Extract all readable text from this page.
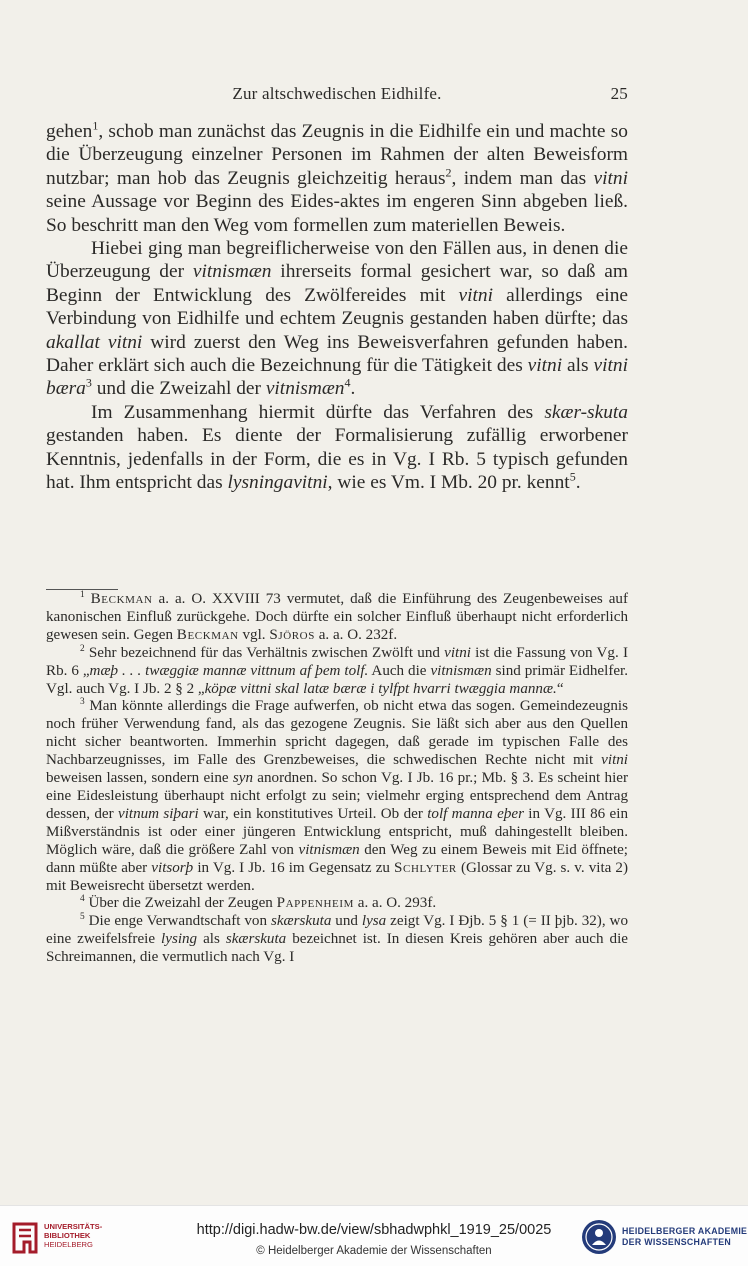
Zur altschwedischen Eidhilfe.	25

gehen$^1$, schob man zunächst das Zeugnis in die Eidhilfe ein und machte so die Überzeugung einzelner Personen im Rahmen der alten Beweisform nutzbar; man hob das Zeugnis gleichzeitig heraus$^2$, indem man das vitni seine Aussage vor Beginn des Eides-aktes im engeren Sinn abgeben ließ. So beschritt man den Weg vom formellen zum materiellen Beweis.

Hiebei ging man begreiflicherweise von den Fällen aus, in denen die Überzeugung der vitnismæn ihrerseits formal gesichert war, so daß am Beginn der Entwicklung des Zwölfereides mit vitni allerdings eine Verbindung von Eidhilfe und echtem Zeugnis gestanden haben dürfte; das akallat vitni wird zuerst den Weg ins Beweisverfahren gefunden haben. Daher erklärt sich auch die Bezeichnung für die Tätigkeit des vitni als vitni bæra$^3$ und die Zweizahl der vitnismæn$^4$.

Im Zusammenhang hiermit dürfte das Verfahren des skær-skuta gestanden haben. Es diente der Formalisierung zufällig erworbener Kenntnis, jedenfalls in der Form, die es in Vg. I Rb. 5 typisch gefunden hat. Ihm entspricht das lysningavitni, wie es Vm. I Mb. 20 pr. kennt$^5$.

$^1$ Beckman a. a. O. XXVIII 73 vermutet, daß die Einführung des Zeugenbeweises auf kanonischen Einfluß zurückgehe. Doch dürfte ein solcher Einfluß überhaupt nicht erforderlich gewesen sein. Gegen Beckman vgl. Sjöros a. a. O. 232f.

$^2$ Sehr bezeichnend für das Verhältnis zwischen Zwölft und vitni ist die Fassung von Vg. I Rb. 6 „mæþ . . . twæggiæ mannæ vittnum af þem tolf. Auch die vitnismæn sind primär Eidhelfer. Vgl. auch Vg. I Jb. 2 § 2 „köpæ vittni skal latæ bæræ i tylfpt hvarri twæggia mannæ.“

$^3$ Man könnte allerdings die Frage aufwerfen, ob nicht etwa das sogen. Gemeindezeugnis noch früher Verwendung fand, als das gezogene Zeugnis. Sie läßt sich aber aus den Quellen nicht sicher beantworten. Immerhin spricht dagegen, daß gerade im typischen Falle des Nachbarzeugnisses, im Falle des Grenzbeweises, die schwedischen Rechte nicht mit vitni beweisen lassen, sondern eine syn anordnen. So schon Vg. I Jb. 16 pr.; Mb. § 3. Es scheint hier eine Eidesleistung überhaupt nicht erfolgt zu sein; vielmehr erging entsprechend dem Antrag dessen, der vitnum siþari war, ein konstitutives Urteil. Ob der tolf manna eþer in Vg. III 86 ein Mißverständnis ist oder einer jüngeren Entwicklung entspricht, muß dahingestellt bleiben. Möglich wäre, daß die größere Zahl von vitnismæn den Weg zu einem Beweis mit Eid öffnete; dann müßte aber vitsorþ in Vg. I Jb. 16 im Gegensatz zu Schlyter (Glossar zu Vg. s. v. vita 2) mit Beweisrecht übersetzt werden.

$^4$ Über die Zweizahl der Zeugen Pappenheim a. a. O. 293f.

$^5$ Die enge Verwandtschaft von skærskuta und lysa zeigt Vg. I Ðjb. 5 § 1 (= II þjb. 32), wo eine zweifelsfreie lysing als skærskuta bezeichnet ist. In diesen Kreis gehören aber auch die Schreimannen, die vermutlich nach Vg. I

UNIVERSITÄTS-
BIBLIOTHEK
HEIDELBERG
http://digi.hadw-bw.de/view/sbhadwphkl_1919_25/0025
© Heidelberger Akademie der Wissenschaften
HEIDELBERGER AKADEMIE
DER WISSENSCHAFTEN
